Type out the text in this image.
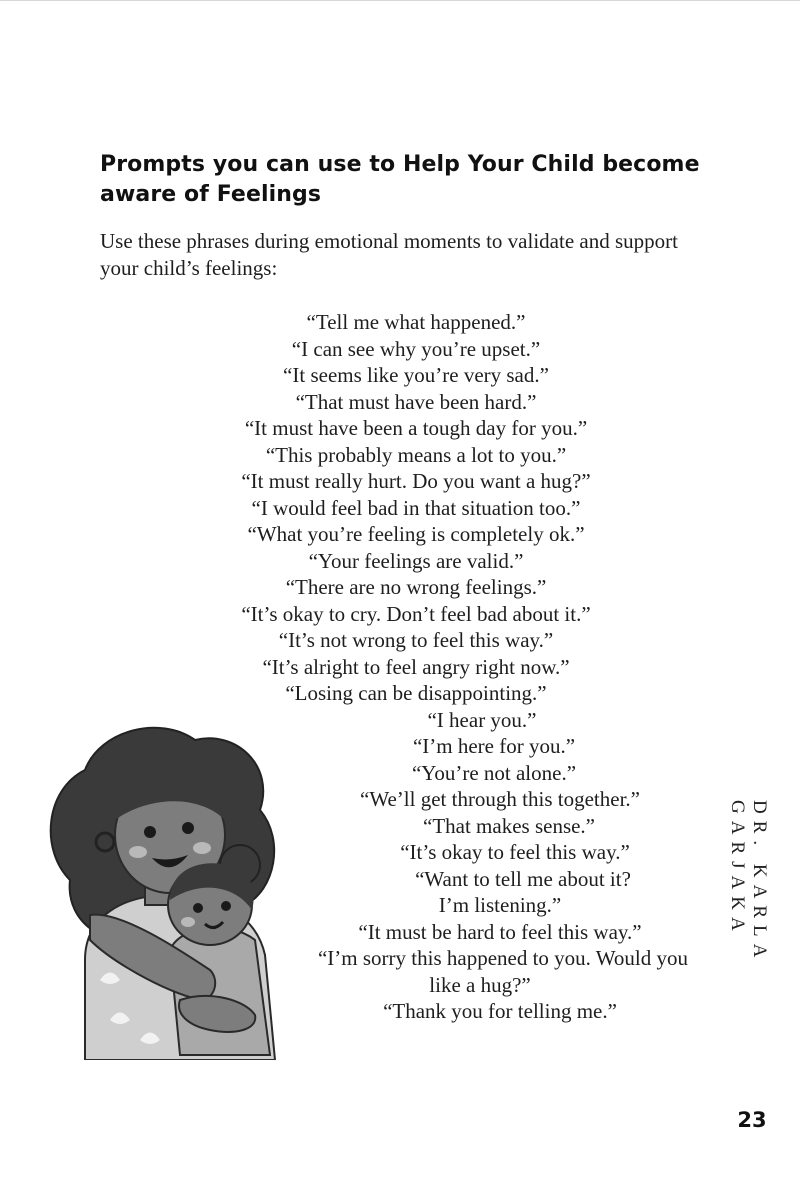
Prompts you can use to Help Your Child become aware of Feelings

Use these phrases during emotional moments to validate and support your child’s feelings:

“Tell me what happened.”
“I can see why you’re upset.”
“It seems like you’re very sad.”
“That must have been hard.”
“It must have been a tough day for you.”
“This probably means a lot to you.”
“It must really hurt. Do you want a hug?”
“I would feel bad in that situation too.”
“What you’re feeling is completely ok.”
“Your feelings are valid.”
“There are no wrong feelings.”
“It’s okay to cry. Don’t feel bad about it.”
“It’s not wrong to feel this way.”
“It’s alright to feel angry right now.”
“Losing can be disappointing.”
“I hear you.”
“I’m here for you.”
“You’re not alone.”
“We’ll get through this together.”
“That makes sense.”
“It’s okay to feel this way.”
“Want to tell me about it?
I’m listening.”
“It must be hard to feel this way.”
“I’m sorry this happened to you. Would you
like a hug?”
“Thank you for telling me.”
DR. KARLA GARJAKA
23
